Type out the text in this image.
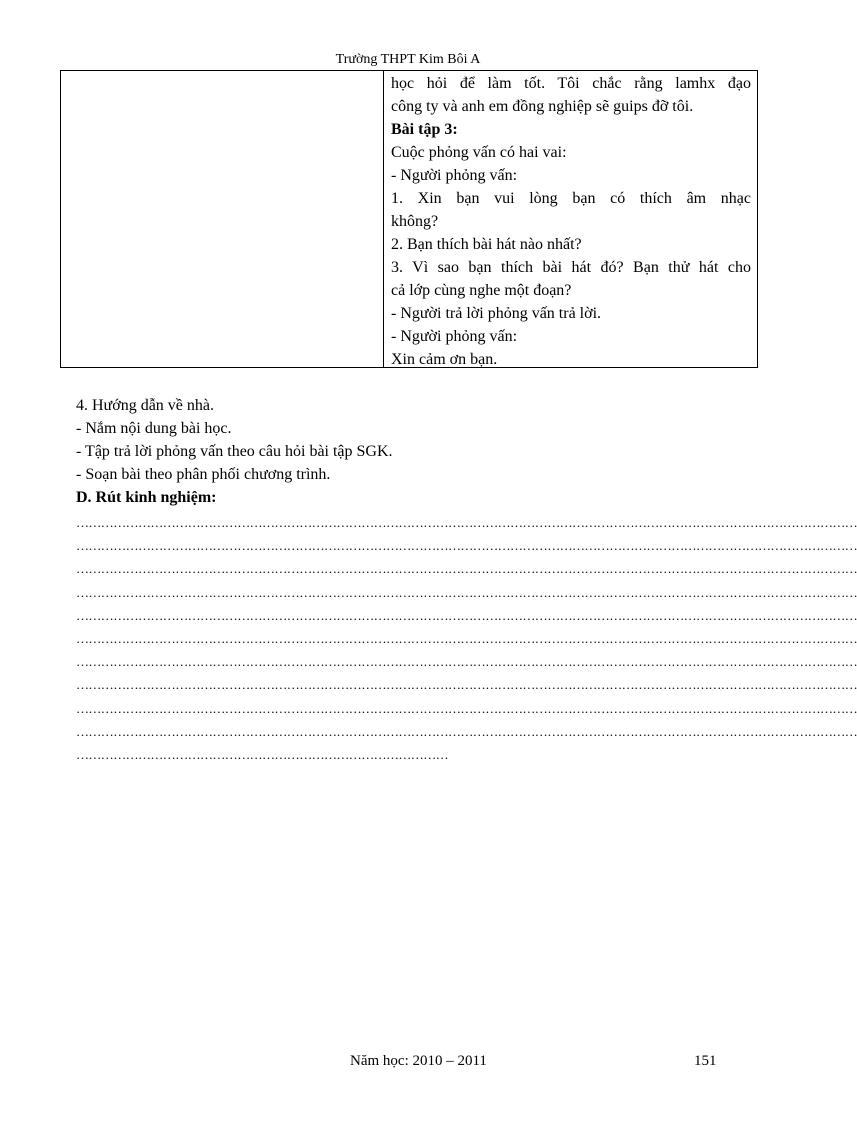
Trường THPT Kim Bôi A
học hỏi để làm tốt. Tôi chắc rằng lamhx đạo
công ty và anh em đồng nghiệp sẽ guips đỡ tôi.
Bài tập 3:
Cuộc phỏng vấn có hai vai:
- Người phỏng vấn:
1. Xin bạn vui lòng bạn có thích âm nhạc
không?
2. Bạn thích bài hát nào nhất?
3. Vì sao bạn thích bài hát đó? Bạn thử hát cho
cả lớp cùng nghe một đoạn?
- Người trả lời phỏng vấn trả lời.
- Người phỏng vấn:
Xin cảm ơn bạn.
4. Hướng dẫn về nhà.
- Nắm nội dung bài học.
- Tập trả lời phỏng vấn theo câu hỏi bài tập SGK.
- Soạn bài theo phân phối chương trình.
D. Rút kinh nghiệm:
………………………………………………………………………………………………………………………………………………………………………
………………………………………………………………………………………………………………………………………………………………………
………………………………………………………………………………………………………………………………………………………………………
………………………………………………………………………………………………………………………………………………………………………
………………………………………………………………………………………………………………………………………………………………………
………………………………………………………………………………………………………………………………………………………………………
………………………………………………………………………………………………………………………………………………………………………
………………………………………………………………………………………………………………………………………………………………………
………………………………………………………………………………………………………………………………………………………………………
………………………………………………………………………………………………………………………………………………………………………
………………………………………………………………………………
Năm học: 2010 – 2011	151
